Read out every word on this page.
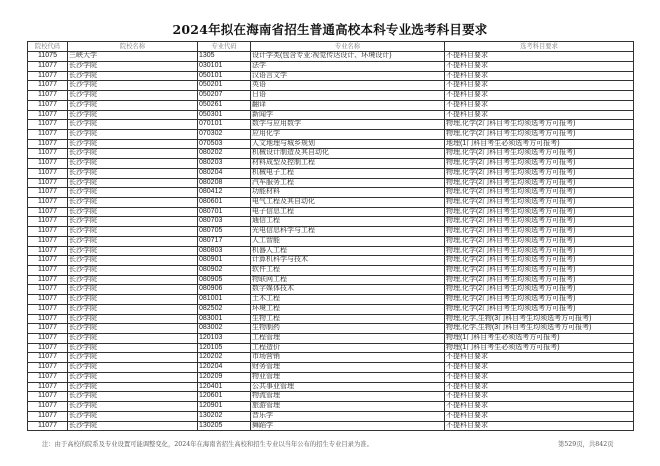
2024年拟在海南省招生普通高校本科专业选考科目要求
院校代码	院校名称	专业代码	专业名称	选考科目要求
11075	三峡大学	1305	设计学类(包含专业:视觉传达设计、环境设计)	不提科目要求
11077	长沙学院	030101	法学	不提科目要求
11077	长沙学院	050101	汉语言文学	不提科目要求
11077	长沙学院	050201	英语	不提科目要求
11077	长沙学院	050207	日语	不提科目要求
11077	长沙学院	050261	翻译	不提科目要求
11077	长沙学院	050301	新闻学	不提科目要求
11077	长沙学院	070101	数学与应用数学	物理,化学(2门科目考生均须选考方可报考)
11077	长沙学院	070302	应用化学	物理,化学(2门科目考生均须选考方可报考)
11077	长沙学院	070503	人文地理与城乡规划	地理(1门科目考生必须选考方可报考)
11077	长沙学院	080202	机械设计制造及其自动化	物理,化学(2门科目考生均须选考方可报考)
11077	长沙学院	080203	材料成型及控制工程	物理,化学(2门科目考生均须选考方可报考)
11077	长沙学院	080204	机械电子工程	物理,化学(2门科目考生均须选考方可报考)
11077	长沙学院	080208	汽车服务工程	物理,化学(2门科目考生均须选考方可报考)
11077	长沙学院	080412	功能材料	物理,化学(2门科目考生均须选考方可报考)
11077	长沙学院	080601	电气工程及其自动化	物理,化学(2门科目考生均须选考方可报考)
11077	长沙学院	080701	电子信息工程	物理,化学(2门科目考生均须选考方可报考)
11077	长沙学院	080703	通信工程	物理,化学(2门科目考生均须选考方可报考)
11077	长沙学院	080705	光电信息科学与工程	物理,化学(2门科目考生均须选考方可报考)
11077	长沙学院	080717	人工智能	物理,化学(2门科目考生均须选考方可报考)
11077	长沙学院	080803	机器人工程	物理,化学(2门科目考生均须选考方可报考)
11077	长沙学院	080901	计算机科学与技术	物理,化学(2门科目考生均须选考方可报考)
11077	长沙学院	080902	软件工程	物理,化学(2门科目考生均须选考方可报考)
11077	长沙学院	080905	物联网工程	物理,化学(2门科目考生均须选考方可报考)
11077	长沙学院	080906	数字媒体技术	物理,化学(2门科目考生均须选考方可报考)
11077	长沙学院	081001	土木工程	物理,化学(2门科目考生均须选考方可报考)
11077	长沙学院	082502	环境工程	物理,化学(2门科目考生均须选考方可报考)
11077	长沙学院	083001	生物工程	物理,化学,生物(3门科目考生均须选考方可报考)
11077	长沙学院	083002	生物制药	物理,化学,生物(3门科目考生均须选考方可报考)
11077	长沙学院	120103	工程管理	物理(1门科目考生必须选考方可报考)
11077	长沙学院	120105	工程造价	物理(1门科目考生必须选考方可报考)
11077	长沙学院	120202	市场营销	不提科目要求
11077	长沙学院	120204	财务管理	不提科目要求
11077	长沙学院	120209	物业管理	不提科目要求
11077	长沙学院	120401	公共事业管理	不提科目要求
11077	长沙学院	120601	物流管理	不提科目要求
11077	长沙学院	120901	旅游管理	不提科目要求
11077	长沙学院	130202	音乐学	不提科目要求
11077	长沙学院	130205	舞蹈学	不提科目要求
注：由于高校的院系及专业设置可能调整变化，2024年在海南省招生高校和招生专业以当年公布的招生专业目录为准。	第529页，共842页
